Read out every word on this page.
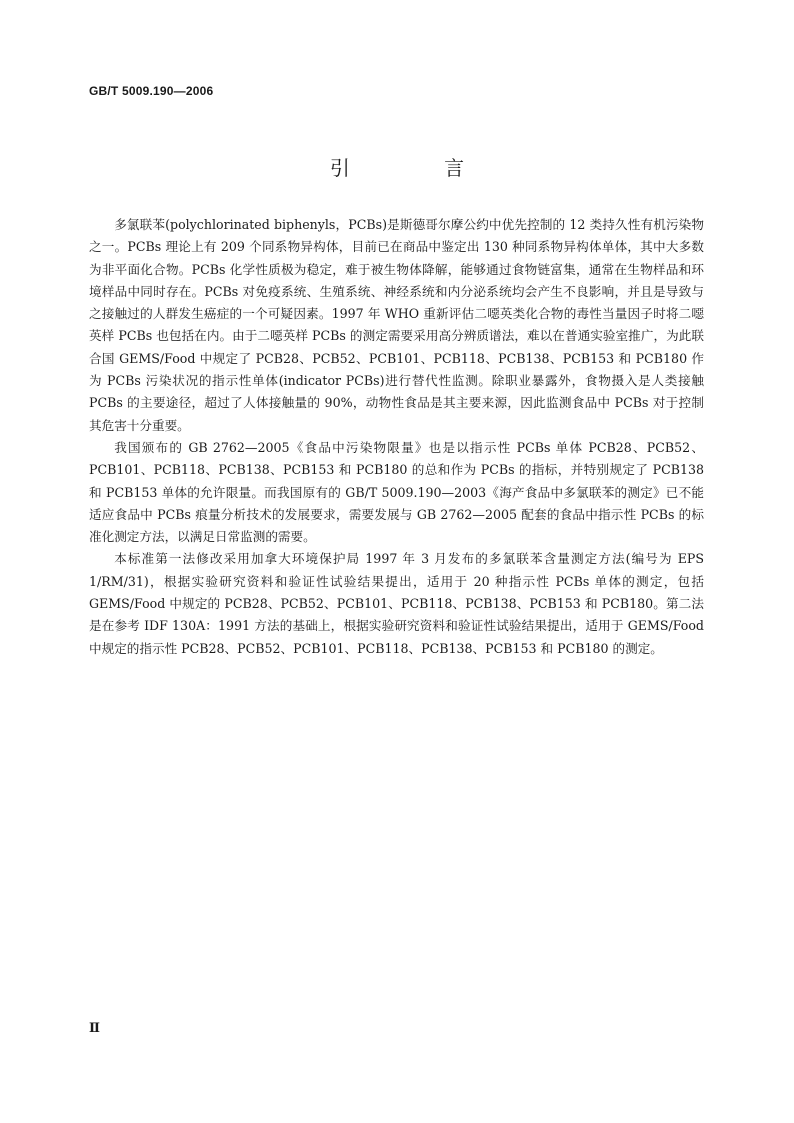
GB/T 5009.190—2006
引 言

多氯联苯(polychlorinated biphenyls，PCBs)是斯德哥尔摩公约中优先控制的 12 类持久性有机污染物之一。PCBs 理论上有 209 个同系物异构体，目前已在商品中鉴定出 130 种同系物异构体单体，其中大多数为非平面化合物。PCBs 化学性质极为稳定，难于被生物体降解，能够通过食物链富集，通常在生物样品和环境样品中同时存在。PCBs 对免疫系统、生殖系统、神经系统和内分泌系统均会产生不良影响，并且是导致与之接触过的人群发生癌症的一个可疑因素。1997 年 WHO 重新评估二噁英类化合物的毒性当量因子时将二噁英样 PCBs 也包括在内。由于二噁英样 PCBs 的测定需要采用高分辨质谱法，难以在普通实验室推广，为此联合国 GEMS/Food 中规定了 PCB28、PCB52、PCB101、PCB118、PCB138、PCB153 和 PCB180 作为 PCBs 污染状况的指示性单体(indicator PCBs)进行替代性监测。除职业暴露外，食物摄入是人类接触 PCBs 的主要途径，超过了人体接触量的 90%，动物性食品是其主要来源，因此监测食品中 PCBs 对于控制其危害十分重要。

我国颁布的 GB 2762—2005《食品中污染物限量》也是以指示性 PCBs 单体 PCB28、PCB52、PCB101、PCB118、PCB138、PCB153 和 PCB180 的总和作为 PCBs 的指标，并特别规定了 PCB138 和 PCB153 单体的允许限量。而我国原有的 GB/T 5009.190—2003《海产食品中多氯联苯的测定》已不能适应食品中 PCBs 痕量分析技术的发展要求，需要发展与 GB 2762—2005 配套的食品中指示性 PCBs 的标准化测定方法，以满足日常监测的需要。

本标准第一法修改采用加拿大环境保护局 1997 年 3 月发布的多氯联苯含量测定方法(编号为 EPS 1/RM/31)，根据实验研究资料和验证性试验结果提出，适用于 20 种指示性 PCBs 单体的测定，包括 GEMS/Food 中规定的 PCB28、PCB52、PCB101、PCB118、PCB138、PCB153 和 PCB180。第二法是在参考 IDF 130A：1991 方法的基础上，根据实验研究资料和验证性试验结果提出，适用于 GEMS/Food 中规定的指示性 PCB28、PCB52、PCB101、PCB118、PCB138、PCB153 和 PCB180 的测定。

Ⅱ
